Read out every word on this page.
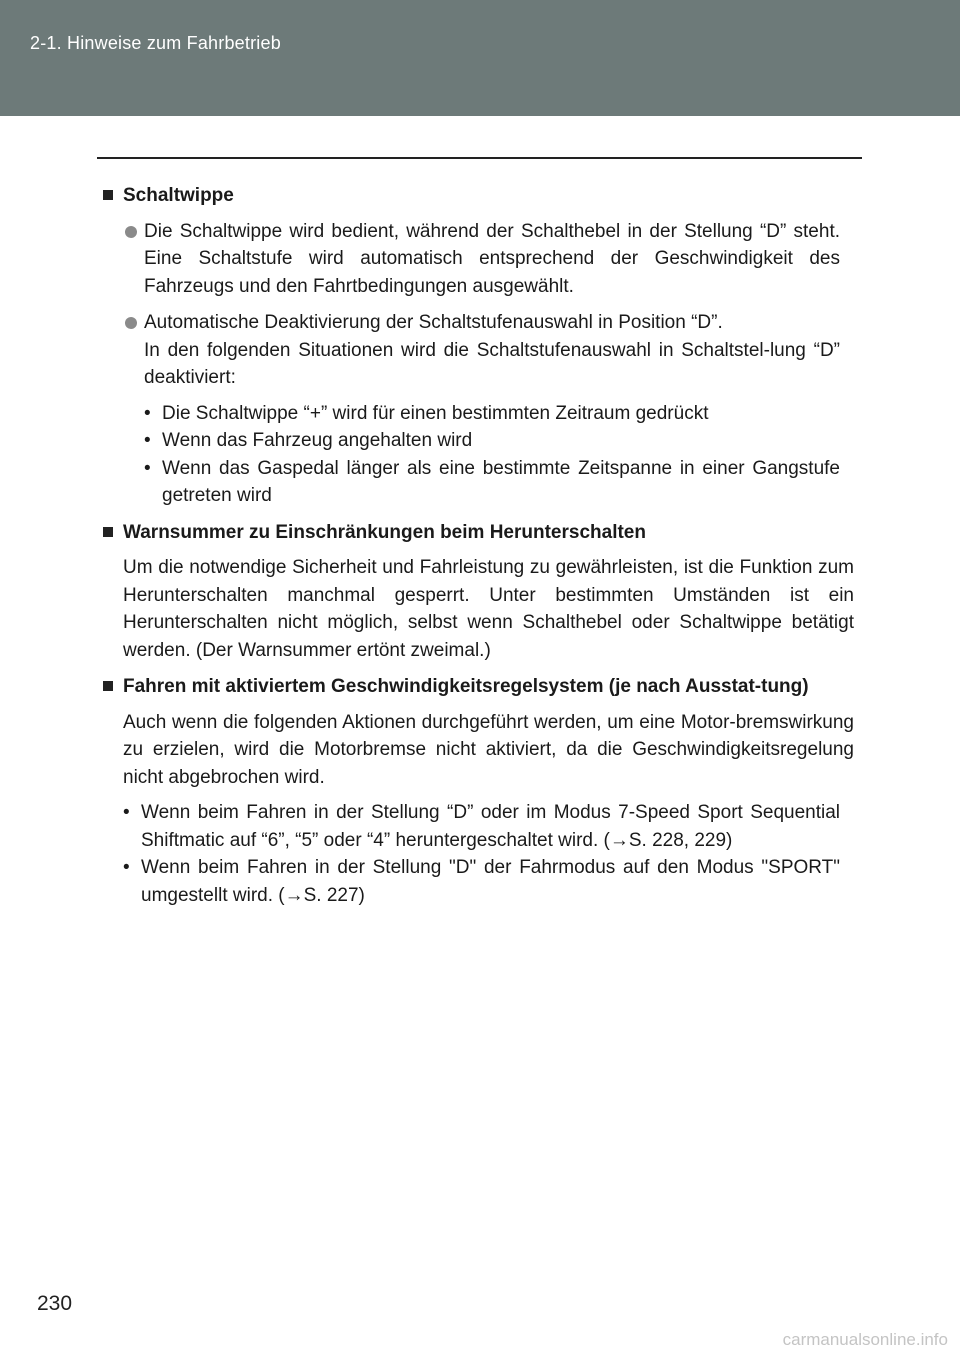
2-1. Hinweise zum Fahrbetrieb
Schaltwippe
Die Schaltwippe wird bedient, während der Schalthebel in der Stellung “D” steht. Eine Schaltstufe wird automatisch entsprechend der Geschwindigkeit des Fahrzeugs und den Fahrtbedingungen ausgewählt.
Automatische Deaktivierung der Schaltstufenauswahl in Position “D”.
In den folgenden Situationen wird die Schaltstufenauswahl in Schaltstel-lung “D” deaktiviert:
• Die Schaltwippe “+” wird für einen bestimmten Zeitraum gedrückt
• Wenn das Fahrzeug angehalten wird
• Wenn das Gaspedal länger als eine bestimmte Zeitspanne in einer Gangstufe getreten wird
Warnsummer zu Einschränkungen beim Herunterschalten
Um die notwendige Sicherheit und Fahrleistung zu gewährleisten, ist die Funktion zum Herunterschalten manchmal gesperrt. Unter bestimmten Umständen ist ein Herunterschalten nicht möglich, selbst wenn Schalthebel oder Schaltwippe betätigt werden. (Der Warnsummer ertönt zweimal.)
Fahren mit aktiviertem Geschwindigkeitsregelsystem (je nach Ausstat-tung)
Auch wenn die folgenden Aktionen durchgeführt werden, um eine Motor-bremswirkung zu erzielen, wird die Motorbremse nicht aktiviert, da die Geschwindigkeitsregelung nicht abgebrochen wird.
• Wenn beim Fahren in der Stellung “D” oder im Modus 7-Speed Sport Sequential Shiftmatic auf “6”, “5” oder “4” heruntergeschaltet wird. (→S. 228, 229)
• Wenn beim Fahren in der Stellung "D" der Fahrmodus auf den Modus "SPORT" umgestellt wird. (→S. 227)
230
carmanualsonline.info
